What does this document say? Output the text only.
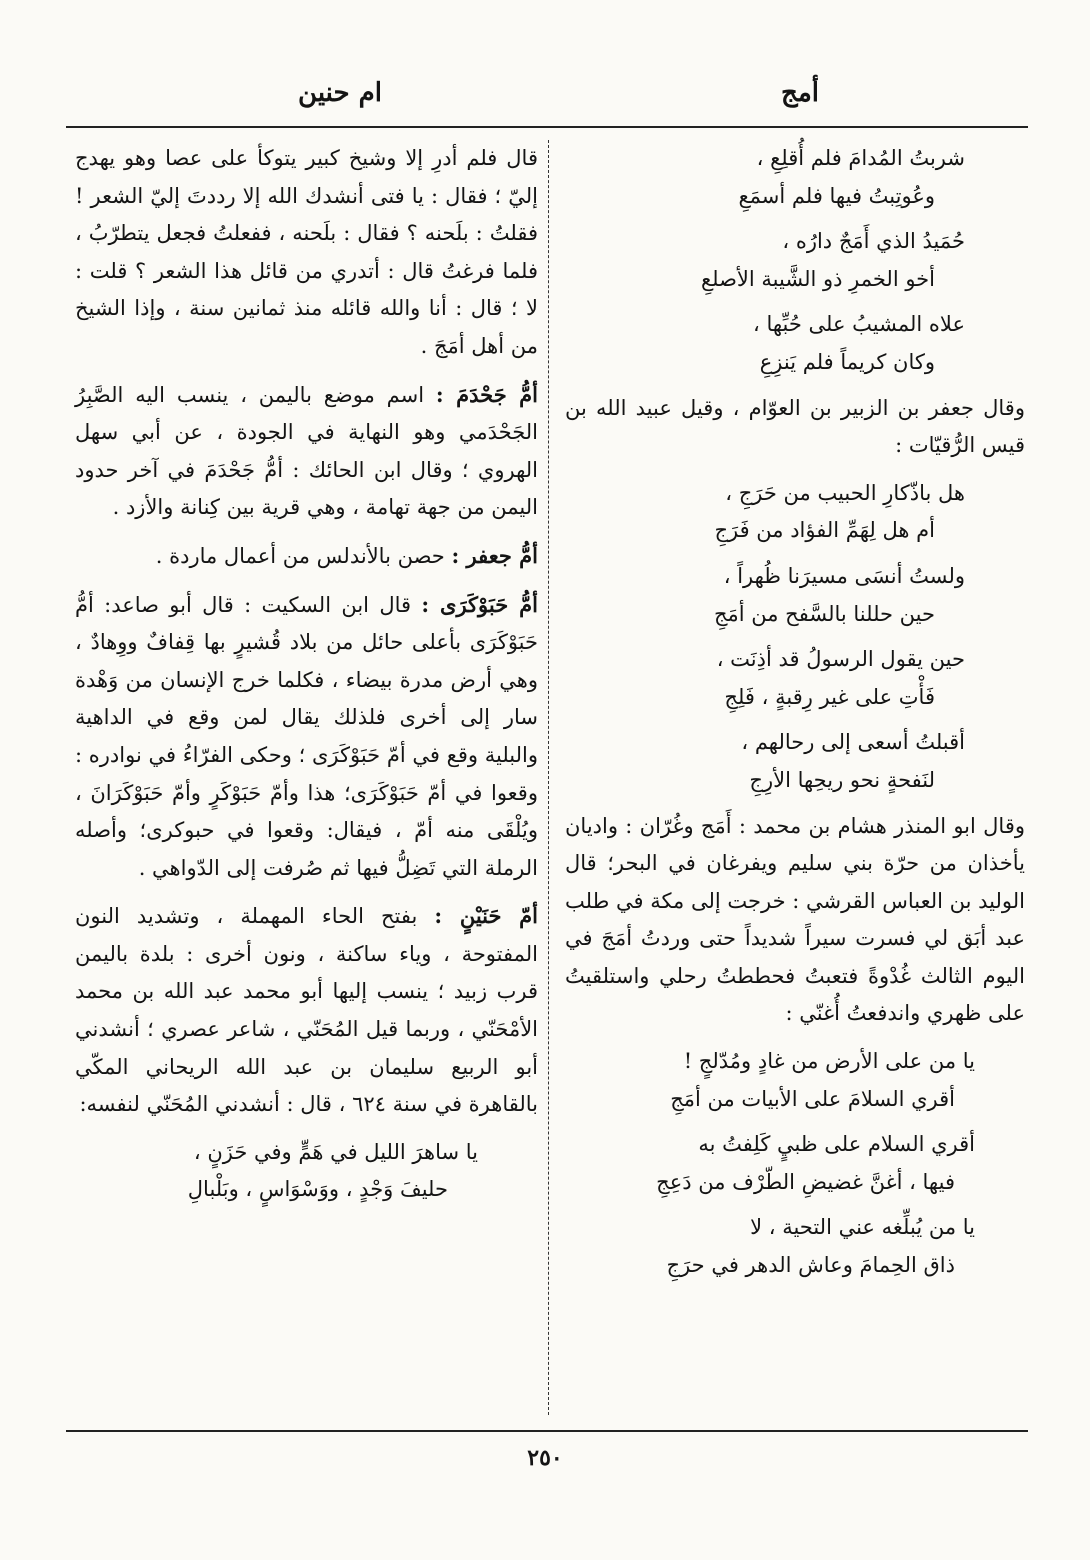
أمج
ام حنين
شربتُ المُدامَ فلم أُقلِعِ ،
وعُوتِبتُ فيها فلم أسمَعِ
حُمَيدُ الذي أَمَجٌ دارُه ،
أخو الخمرِ ذو الشَّيبة الأصلعِ
علاه المشيبُ على حُبِّها ،
وكان كريماً فلم يَنزِعِ

وقال جعفر بن الزبير بن العوّام ، وقيل عبيد الله بن قيس الرُّقيّات :

هل باذّكارِ الحبيب من حَرَجِ ،
أم هل لِهَمِّ الفؤاد من فَرَجِ
ولستُ أنسَى مسيرَنا ظُهراً ،
حين حللنا بالسَّفح من أمَجِ
حين يقول الرسولُ قد أذِنَت ،
فَأْتِ على غير رِقبةٍ ، فَلِجِ
أقبلتُ أسعى إلى رحالهم ،
لنَفحةٍ نحو ريحِها الأرِجِ

وقال ابو المنذر هشام بن محمد : أَمَج وغُرّان : واديان يأخذان من حرّة بني سليم ويفرغان في البحر؛ قال الوليد بن العباس القرشي : خرجت إلى مكة في طلب عبد أبَق لي فسرت سيراً شديداً حتى وردتُ أمَجَ في اليوم الثالث غُدْوةً فتعبتُ فحططتُ رحلي واستلقيتُ على ظهري واندفعتُ أُغنّي :

يا من على الأرض من غادٍ ومُدّلجٍ !
أقري السلامَ على الأبيات من أمَجِ
أقري السلام على ظبيٍ كَلِفتُ به
فيها ، أغنَّ غضيضِ الطّرْف من دَعِجِ
يا من يُبلِّغه عني التحية ، لا
ذاق الحِمامَ وعاش الدهر في حرَجِ

قال فلم أدرِ إلا وشيخ كبير يتوكأ على عصا وهو يهدج إليّ ؛ فقال : يا فتى أنشدك الله إلا رددتَ إليّ الشعر ! فقلتُ : بلَحنه ؟ فقال : بلَحنه ، ففعلتُ فجعل يتطرّبُ ، فلما فرغتُ قال : أتدري من قائل هذا الشعر ؟ قلت : لا ؛ قال : أنا والله قائله منذ ثمانين سنة ، وإذا الشيخ من أهل أمَجَ .

أمُّ جَحْدَمَ : اسم موضع باليمن ، ينسب اليه الصَّبِرُ الجَحْدَمي وهو النهاية في الجودة ، عن أبي سهل الهروي ؛ وقال ابن الحائك : أمُّ جَحْدَمَ في آخر حدود اليمن من جهة تهامة ، وهي قرية بين كِنانة والأزد .

أمُّ جعفر : حصن بالأندلس من أعمال ماردة .

أمُّ حَبَوْكَرَى : قال ابن السكيت : قال أبو صاعد: أمُّ حَبَوْكَرَى بأعلى حائل من بلاد قُشيرٍ بها قِفافٌ ووِهادٌ ، وهي أرض مدرة بيضاء ، فكلما خرج الإنسان من وَهْدة سار إلى أخرى فلذلك يقال لمن وقع في الداهية والبلية وقع في أمّ حَبَوْكَرَى ؛ وحكى الفرّاءُ في نوادره : وقعوا في أمّ حَبَوْكَرَى؛ هذا وأمّ حَبَوْكَرٍ وأمّ حَبَوْكَرَانَ ، ويُلْقَى منه أمّ ، فيقال: وقعوا في حبوكرى؛ وأصله الرملة التي تَضِلُّ فيها ثم صُرفت إلى الدّواهي .

أمّ حَنَيْنٍ : بفتح الحاء المهملة ، وتشديد النون المفتوحة ، وياء ساكنة ، ونون أخرى : بلدة باليمن قرب زبيد ؛ ينسب إليها أبو محمد عبد الله بن محمد الأمْحَنّي ، وربما قيل المُحَنّي ، شاعر عصري ؛ أنشدني أبو الربيع سليمان بن عبد الله الريحاني المكّي بالقاهرة في سنة ٦٢٤ ، قال : أنشدني المُحَنّي لنفسه:

يا ساهرَ الليل في هَمٍّ وفي حَزَنٍ ،
حليفَ وَجْدٍ ، ووَسْوَاسٍ ، وبَلْبالِ
٢٥٠
